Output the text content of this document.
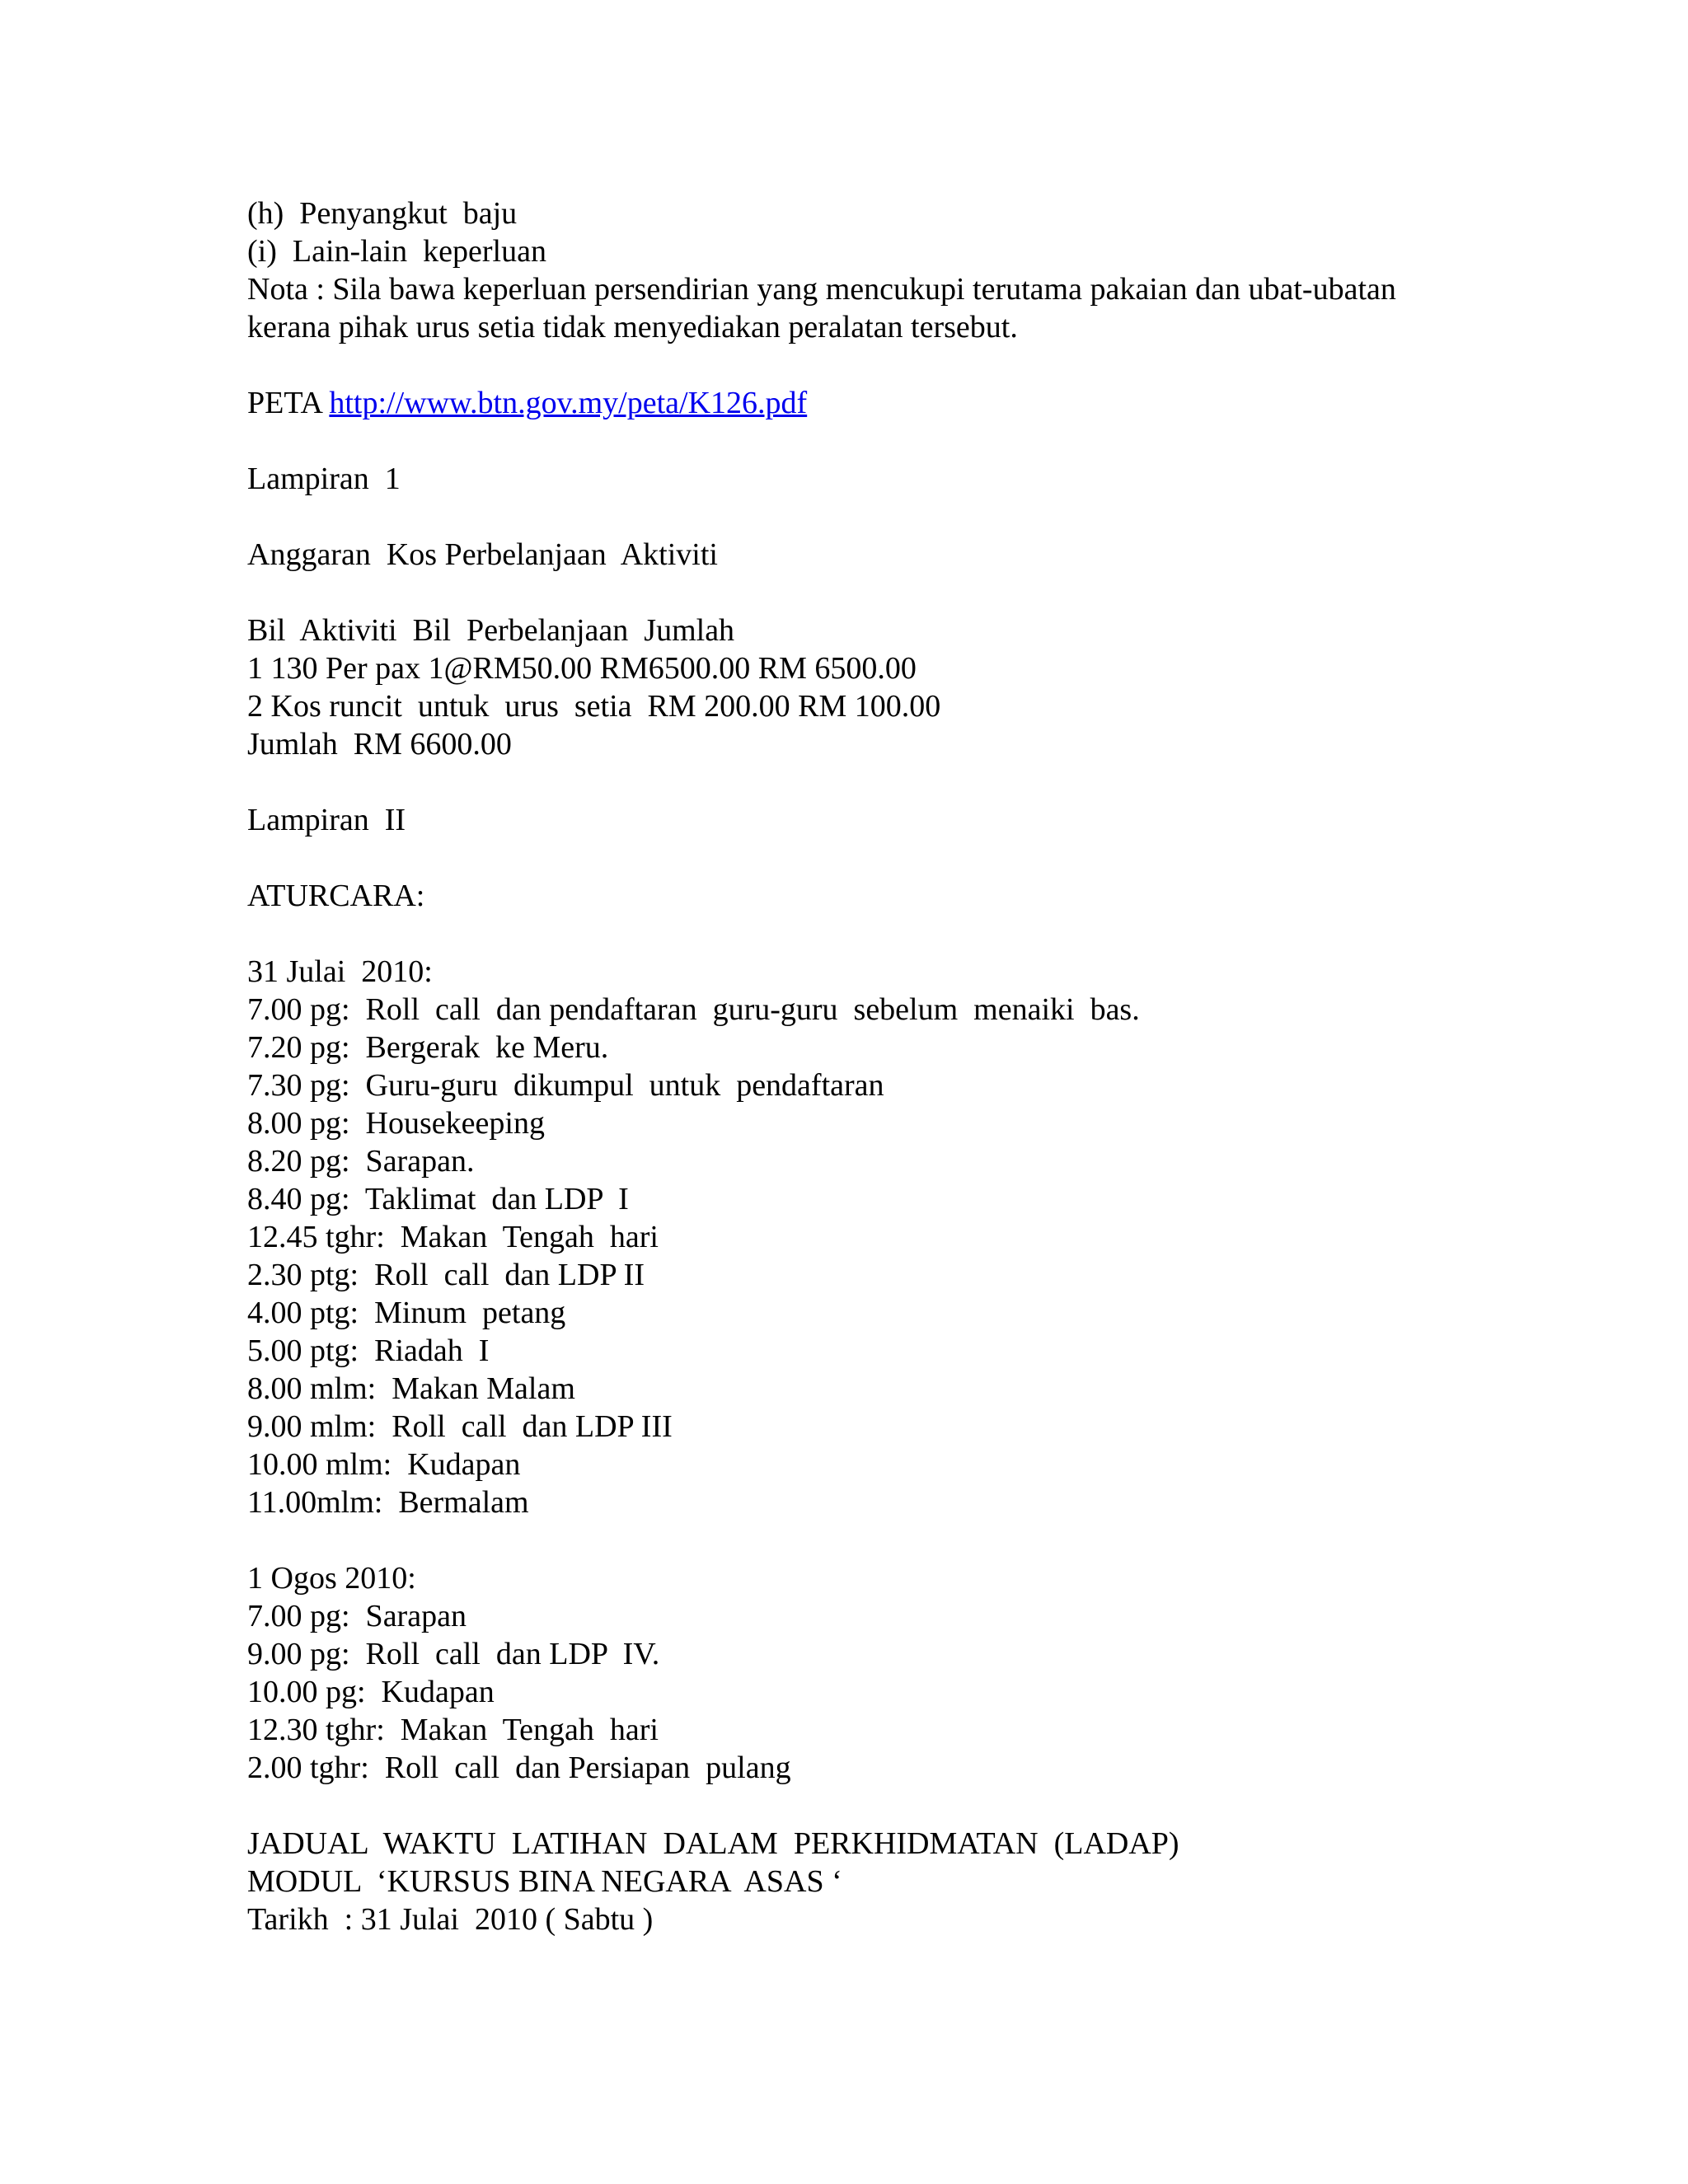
(h)  Penyangkut  baju
(i)  Lain-lain  keperluan
Nota : Sila bawa keperluan persendirian yang mencukupi terutama pakaian dan ubat-ubatan kerana pihak urus setia tidak menyediakan peralatan tersebut.
PETA http://www.btn.gov.my/peta/K126.pdf
Lampiran  1
Anggaran  Kos Perbelanjaan  Aktiviti
Bil  Aktiviti  Bil  Perbelanjaan  Jumlah
1 130 Per pax 1@RM50.00 RM6500.00 RM 6500.00
2 Kos runcit  untuk  urus  setia  RM 200.00 RM 100.00
Jumlah  RM 6600.00
Lampiran  II
ATURCARA:
31 Julai  2010:
7.00 pg:  Roll  call  dan pendaftaran  guru-guru  sebelum  menaiki  bas.
7.20 pg:  Bergerak  ke Meru.
7.30 pg:  Guru-guru  dikumpul  untuk  pendaftaran
8.00 pg:  Housekeeping
8.20 pg:  Sarapan.
8.40 pg:  Taklimat  dan LDP  I
12.45 tghr:  Makan  Tengah  hari
2.30 ptg:  Roll  call  dan LDP II
4.00 ptg:  Minum  petang
5.00 ptg:  Riadah  I
8.00 mlm:  Makan Malam
9.00 mlm:  Roll  call  dan LDP III
10.00 mlm:  Kudapan
11.00mlm:  Bermalam
1 Ogos 2010:
7.00 pg:  Sarapan
9.00 pg:  Roll  call  dan LDP  IV.
10.00 pg:  Kudapan
12.30 tghr:  Makan  Tengah  hari
2.00 tghr:  Roll  call  dan Persiapan  pulang
JADUAL  WAKTU  LATIHAN  DALAM  PERKHIDMATAN  (LADAP)
MODUL  ‘KURSUS BINA NEGARA  ASAS ‘
Tarikh  : 31 Julai  2010 ( Sabtu )
